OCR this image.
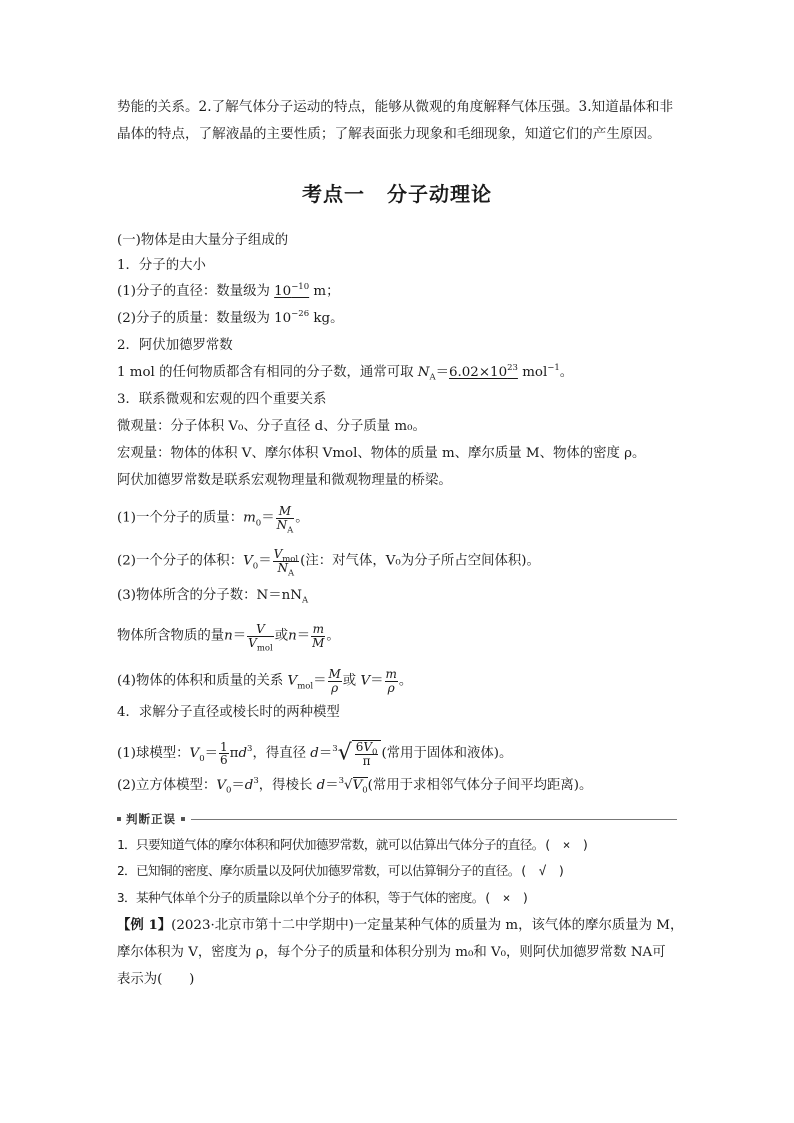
势能的关系。2.了解气体分子运动的特点，能够从微观的角度解释气体压强。3.知道晶体和非
晶体的特点，了解液晶的主要性质；了解表面张力现象和毛细现象，知道它们的产生原因。
考点一 分子动理论
(一)物体是由大量分子组成的
1．分子的大小
(1)分子的直径：数量级为 $10^{-10}$ m；
(2)分子的质量：数量级为 $10^{-26}$ kg。
2．阿伏加德罗常数
1 mol 的任何物质都含有相同的分子数，通常可取 $N_A=6.02\times 10^{23}$ mol$^{-1}$。
3．联系微观和宏观的四个重要关系
微观量：分子体积 V₀、分子直径 d、分子质量 m₀。
宏观量：物体的体积 V、摩尔体积 Vmol、物体的质量 m、摩尔质量 M、物体的密度 ρ。
阿伏加德罗常数是联系宏观物理量和微观物理量的桥梁。
(1)一个分子的质量：$m_0= \frac{M}{N_A}$ 。
(2)一个分子的体积：$V_0= \frac{V_{mol}}{N_A}$ (注：对气体，V₀为分子所占空间体积)。
(3)物体所含的分子数：$N=nN_A$
物体所含物质的量$n= \frac{V}{V_{mol}}$ 或$n= \frac{m}{M}$ 。
(4)物体的体积和质量的关系 $V_{mol}= \frac{M}{\rho}$ 或 $V= \frac{m}{\rho}$ 。
4．求解分子直径或棱长时的两种模型
(1)球模型：$V_0= \frac{1}{6} \pi d^3$，得直径 $d=^3√ \frac{6V_0}{\pi}$ (常用于固体和液体)。
(2)立方体模型：$V_0=d^3$，得棱长 $d=^3√V_0$(常用于求相邻气体分子间平均距离)。
判断正误
1．只要知道气体的摩尔体积和阿伏加德罗常数，就可以估算出气体分子的直径。(　×　)
2．已知铜的密度、摩尔质量以及阿伏加德罗常数，可以估算铜分子的直径。(　√　)
3．某种气体单个分子的质量除以单个分子的体积，等于气体的密度。(　×　)
【例 1】(2023·北京市第十二中学期中)一定量某种气体的质量为 m，该气体的摩尔质量为 M，
摩尔体积为 V，密度为 ρ，每个分子的质量和体积分别为 m₀和 V₀，则阿伏加德罗常数 NA可
表示为(　　)
